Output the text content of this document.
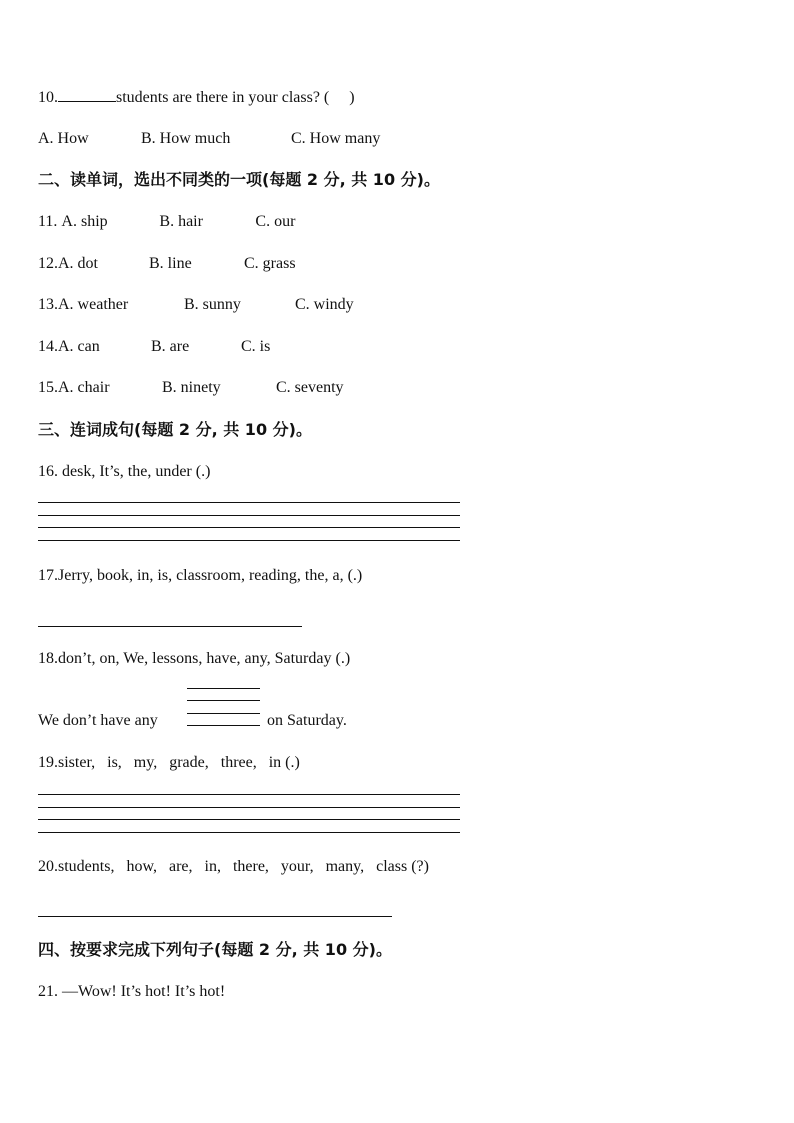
10.	students are there in your class? (     )
A. How	B. How much	C. How many
二、读单词，选出不同类的一项(每题 2 分, 共 10 分)。
11. A. ship	B. hair	C. our
12.A. dot	B. line	C. grass
13.A. weather	B. sunny	C. windy
14.A. can	B. are	C. is
15.A. chair	B. ninety	C. seventy
三、连词成句(每题 2 分, 共 10 分)。
16. desk, It’s, the, under (.)
17.Jerry, book, in, is, classroom, reading, the, a, (.)
18.don’t, on, We, lessons, have, any, Saturday (.)
We don’t have any	on Saturday.
19.sister,   is,   my,   grade,   three,   in (.)
20.students,   how,   are,   in,   there,   your,   many,   class (?)
四、按要求完成下列句子(每题 2 分, 共 10 分)。
21. —Wow! It’s hot! It’s hot!
